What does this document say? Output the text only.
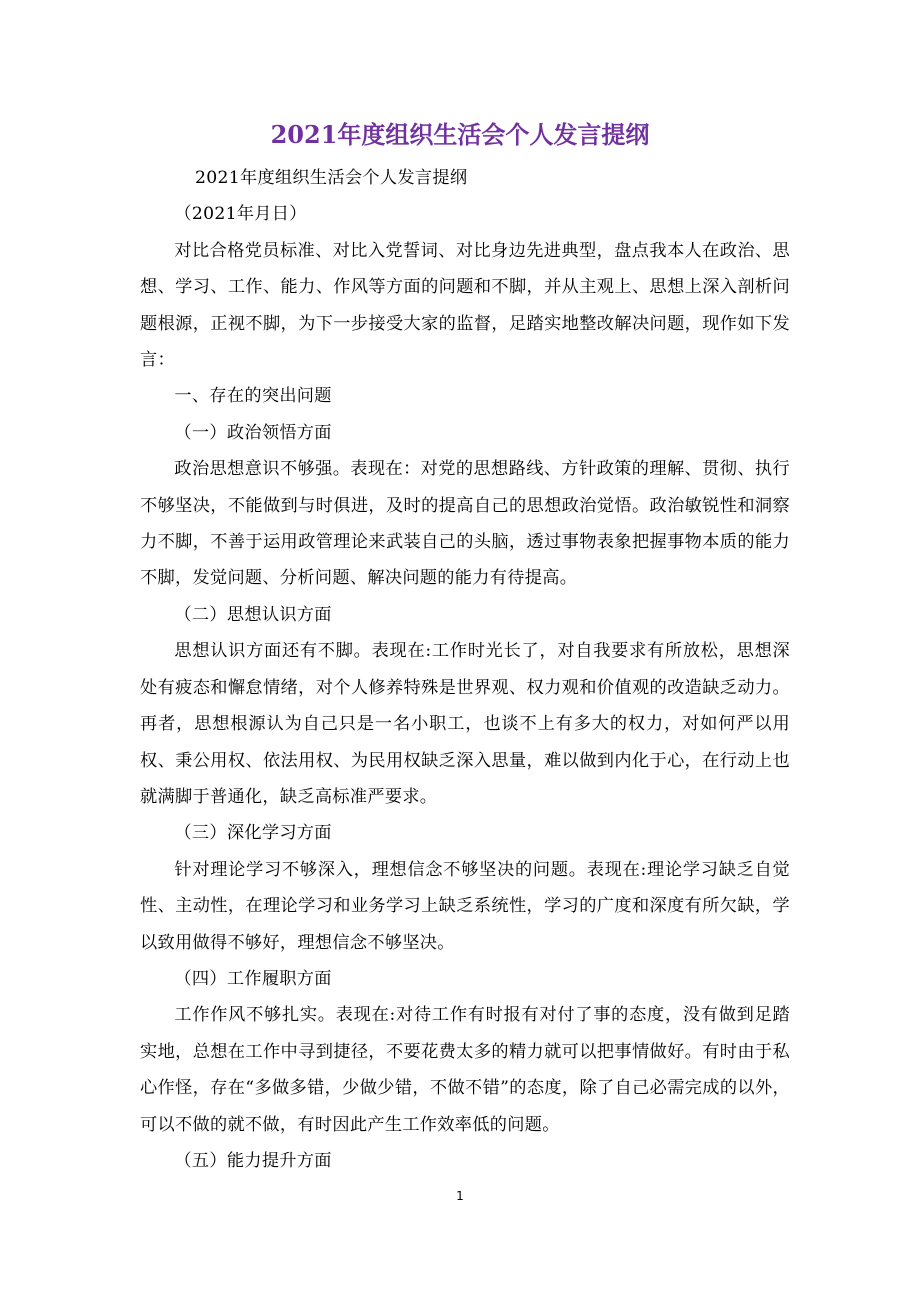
2021年度组织生活会个人发言提纲

2021年度组织生活会个人发言提纲

（2021年月日）

对比合格党员标准、对比入党誓词、对比身边先进典型，盘点我本人在政治、思想、学习、工作、能力、作风等方面的问题和不脚，并从主观上、思想上深入剖析问题根源，正视不脚，为下一步接受大家的监督，足踏实地整改解决问题，现作如下发言：

一、存在的突出问题

（一）政治领悟方面

政治思想意识不够强。表现在：对党的思想路线、方针政策的理解、贯彻、执行不够坚决，不能做到与时俱进，及时的提高自己的思想政治觉悟。政治敏锐性和洞察力不脚，不善于运用政管理论来武装自己的头脑，透过事物表象把握事物本质的能力不脚，发觉问题、分析问题、解决问题的能力有待提高。

（二）思想认识方面

思想认识方面还有不脚。表现在:工作时光长了，对自我要求有所放松，思想深处有疲态和懈怠情绪，对个人修养特殊是世界观、权力观和价值观的改造缺乏动力。再者，思想根源认为自己只是一名小职工，也谈不上有多大的权力，对如何严以用权、秉公用权、依法用权、为民用权缺乏深入思量，难以做到内化于心，在行动上也就满脚于普通化，缺乏高标准严要求。

（三）深化学习方面

针对理论学习不够深入，理想信念不够坚决的问题。表现在:理论学习缺乏自觉性、主动性，在理论学习和业务学习上缺乏系统性，学习的广度和深度有所欠缺，学以致用做得不够好，理想信念不够坚决。

（四）工作履职方面

工作作风不够扎实。表现在:对待工作有时报有对付了事的态度，没有做到足踏实地，总想在工作中寻到捷径，不要花费太多的精力就可以把事情做好。有时由于私心作怪，存在“多做多错，少做少错，不做不错”的态度，除了自己必需完成的以外，可以不做的就不做，有时因此产生工作效率低的问题。

（五）能力提升方面

1
